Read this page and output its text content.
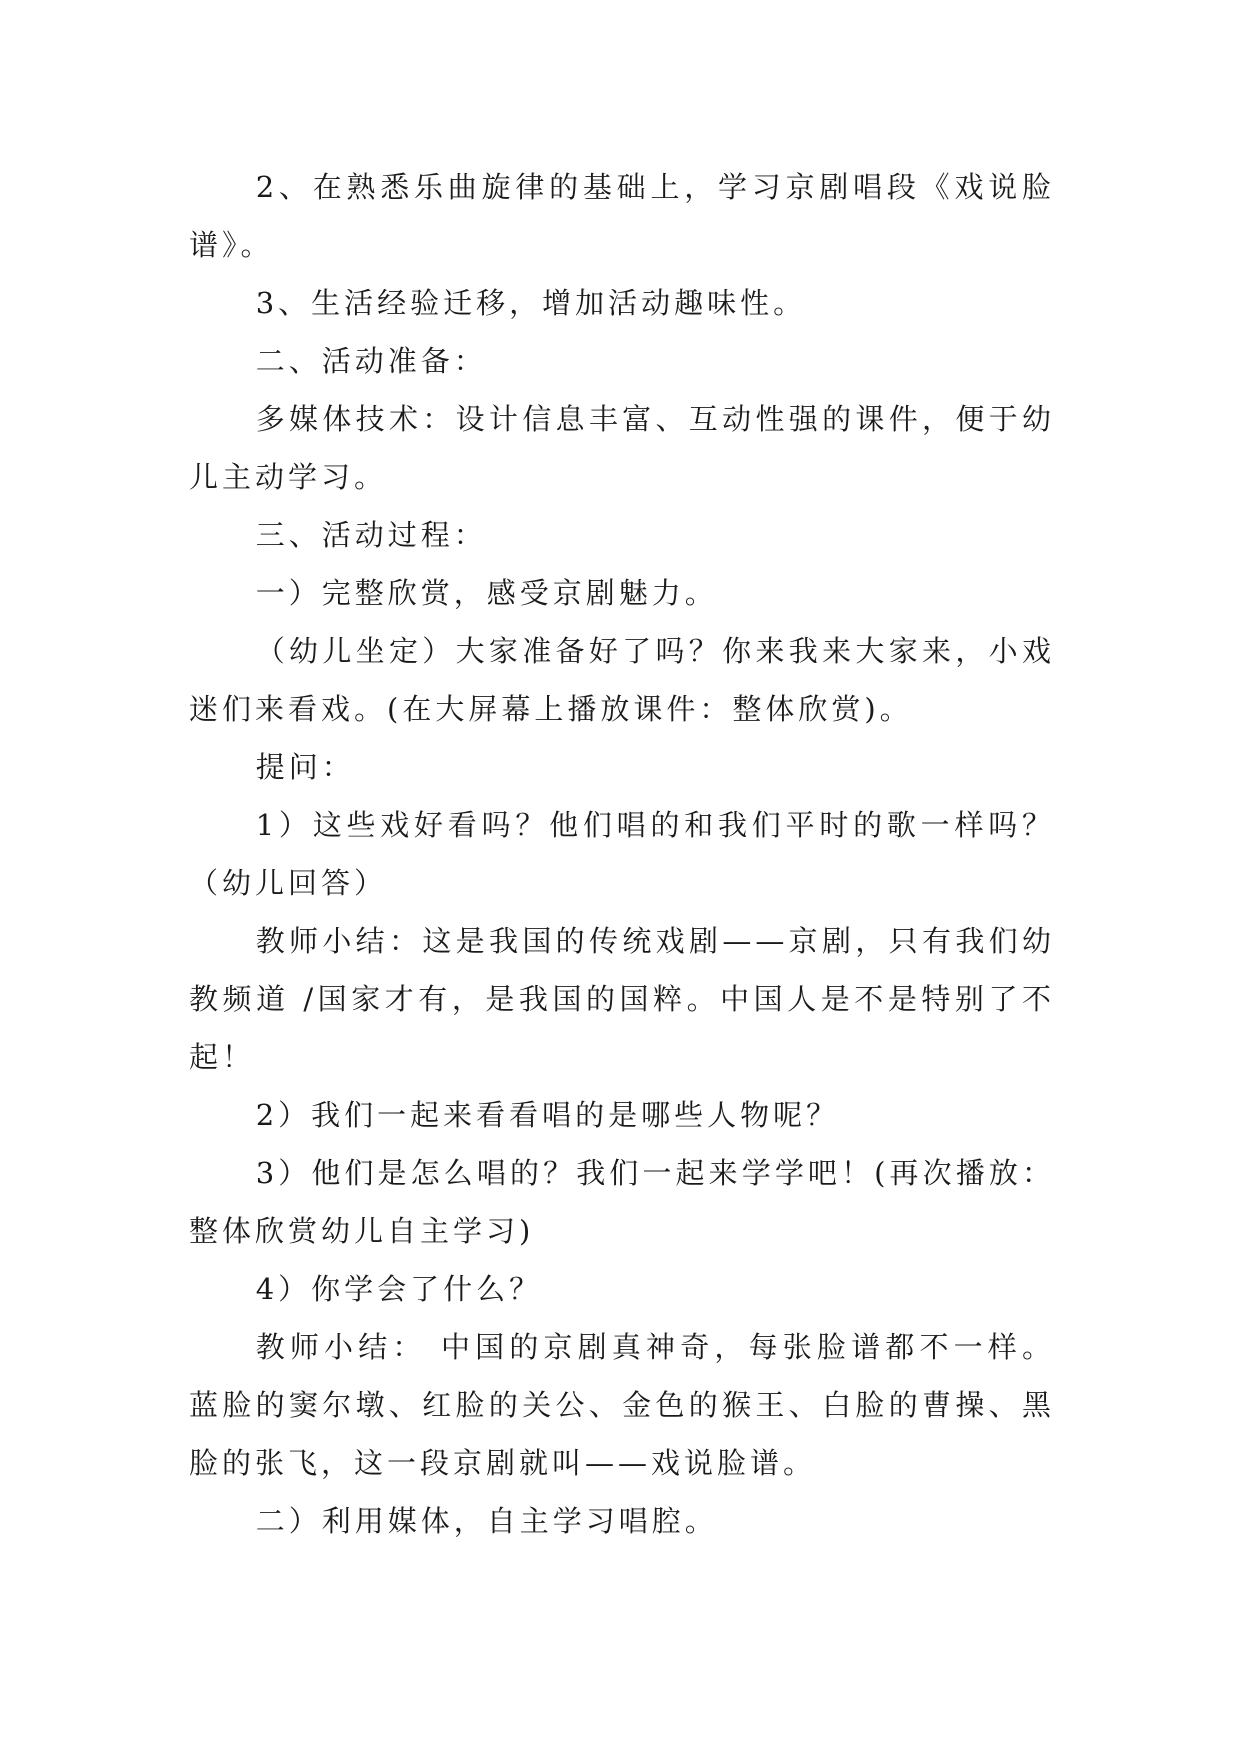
2、在熟悉乐曲旋律的基础上，学习京剧唱段《戏说脸谱》。

3、生活经验迁移，增加活动趣味性。

二、活动准备：

多媒体技术：设计信息丰富、互动性强的课件，便于幼儿主动学习。

三、活动过程：

一）完整欣赏，感受京剧魅力。

（幼儿坐定）大家准备好了吗？你来我来大家来，小戏迷们来看戏。(在大屏幕上播放课件：整体欣赏)。

提问：

1）这些戏好看吗？他们唱的和我们平时的歌一样吗？（幼儿回答）

教师小结：这是我国的传统戏剧——京剧，只有我们幼教频道 /国家才有，是我国的国粹。中国人是不是特别了不起！

2）我们一起来看看唱的是哪些人物呢？

3）他们是怎么唱的？我们一起来学学吧！(再次播放：整体欣赏幼儿自主学习)

4）你学会了什么？

教师小结： 中国的京剧真神奇，每张脸谱都不一样。蓝脸的窦尔墩、红脸的关公、金色的猴王、白脸的曹操、黑脸的张飞，这一段京剧就叫——戏说脸谱。

二）利用媒体，自主学习唱腔。
